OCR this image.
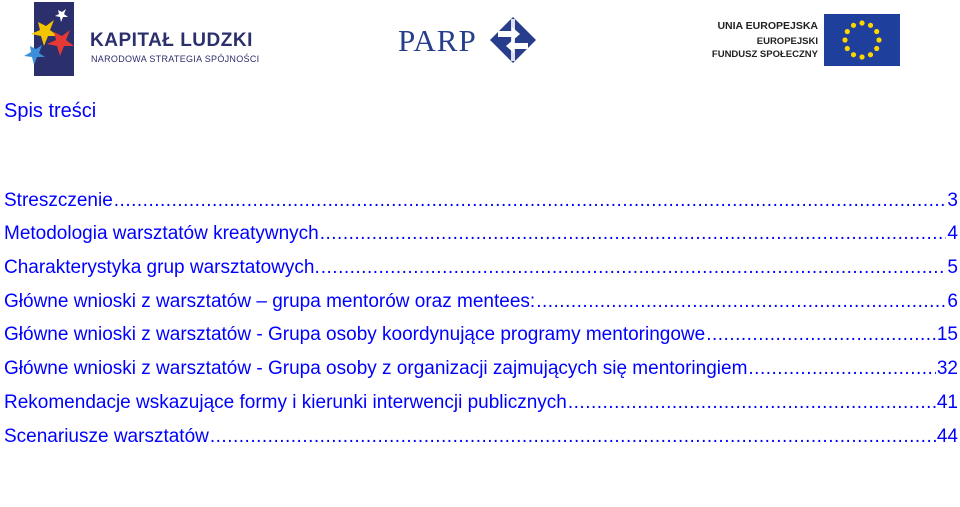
KAPITAŁ LUDZKI
NARODOWA STRATEGIA SPÓJNOŚCI
PARP	UNIA EUROPEJSKA
EUROPEJSKI
FUNDUSZ SPOŁECZNY
Spis treści
Streszczenie .....	3
Metodologia warsztatów kreatywnych .....	4
Charakterystyka grup warsztatowych. .....	5
Główne wnioski z warsztatów – grupa mentorów oraz mentees: .....	6
Główne wnioski z warsztatów - Grupa osoby koordynujące programy mentoringowe .....	15
Główne wnioski z warsztatów - Grupa osoby z organizacji zajmujących się mentoringiem .....	32
Rekomendacje wskazujące formy i kierunki interwencji publicznych .....	41
Scenariusze warsztatów .....	44
